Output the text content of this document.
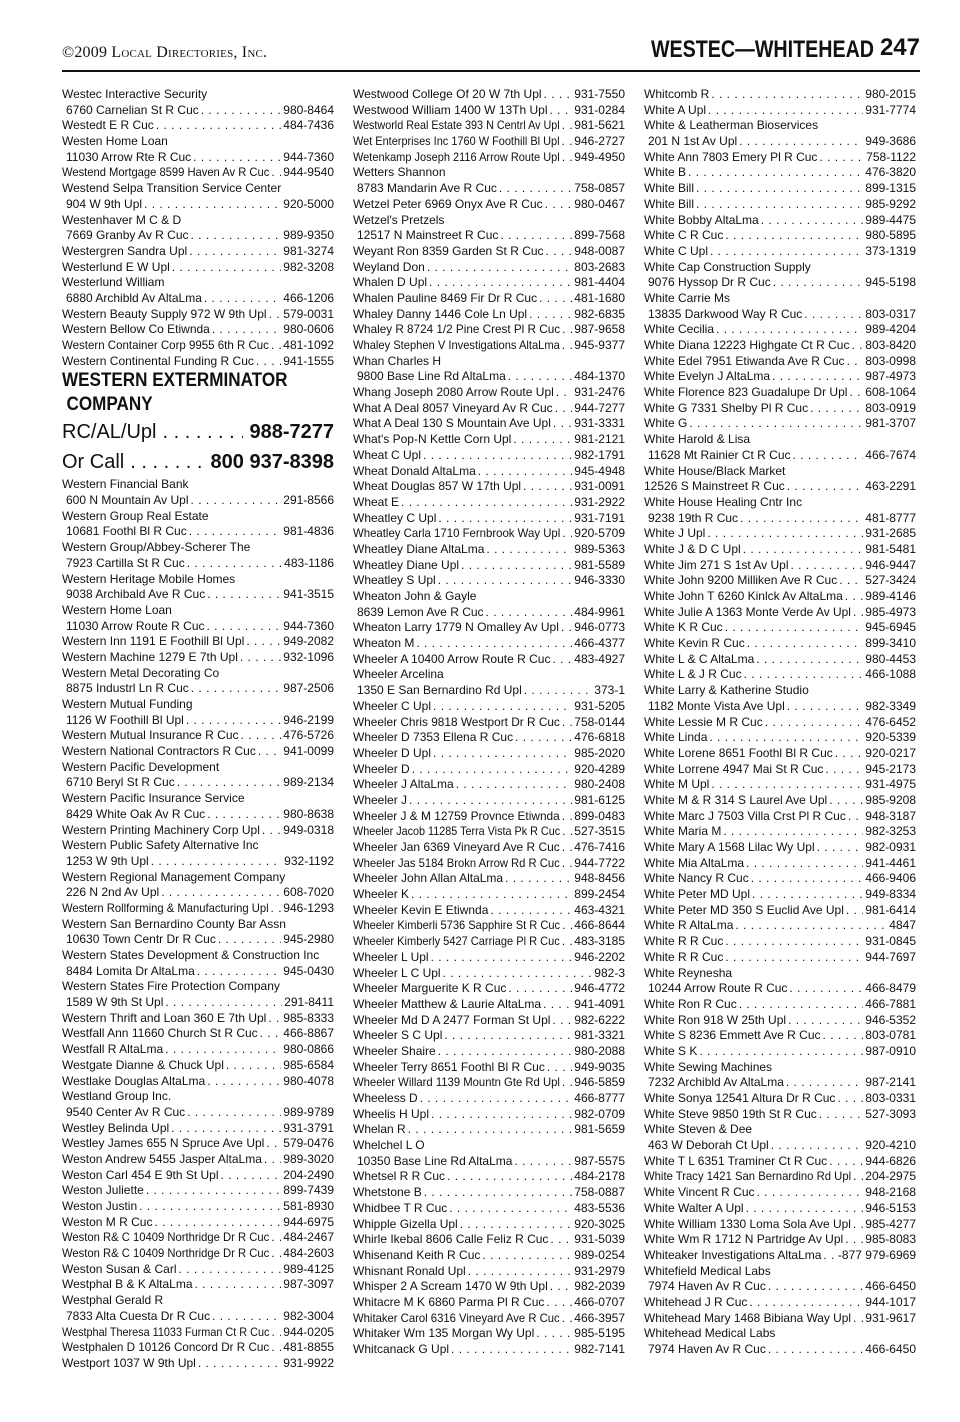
©2009 Local Directories, Inc.	WESTEC—WHITEHEAD 247
Westec Interactive Security
6760 Carnelian St R Cuc . . .	980-8464
Westedt E R Cuc . . .	484-7436
Westen Home Loan
11030 Arrow Rte R Cuc . . .	944-7360
Westend Mortgage 8599 Haven Av R Cuc . . . 944-9540
Westend Selpa Transition Service Center
904 W 9th Upl . . .	920-5000
Westenhaver M C & D
7669 Granby Av R Cuc . . .	989-9350
Westergren Sandra Upl . . .	981-3274
Westerlund E W Upl . . .	982-3208
Westerlund William
6880 Archibld Av AltaLma . . .	466-1206
Western Beauty Supply 972 W 9th Upl . . . 579-0031
Western Bellow Co Etiwnda . . .	980-0606
Western Container Corp 9955 6th R Cuc . . . 481-1092
Western Continental Funding R Cuc . . . 941-1555
WESTERN EXTERMINATOR
COMPANY
RC/AL/Upl . . .	988-7277
Or Call . . .	800 937-8398
Western Financial Bank
600 N Mountain Av Upl . . .	291-8566
Western Group Real Estate
10681 Foothl Bl R Cuc . . .	981-4836
Western Group/Abbey-Scherer The
7923 Cartilla St R Cuc . . .	483-1186
Western Heritage Mobile Homes
9038 Archibald Ave R Cuc . . .	941-3515
Western Home Loan
11030 Arrow Route R Cuc . . .	944-7360
Western Inn 1191 E Foothill Bl Upl . . .	949-2082
Western Machine 1279 E 7th Upl . . .	932-1096
Western Metal Decorating Co
8875 Industrl Ln R Cuc . . .	987-2506
Western Mutual Funding
1126 W Foothill Bl Upl . . .	946-2199
Western Mutual Insurance R Cuc . . .	476-5726
Western National Contractors R Cuc . . . 941-0099
Western Pacific Development
6710 Beryl St R Cuc . . .	989-2134
Western Pacific Insurance Service
8429 White Oak Av R Cuc . . .	980-8638
Western Printing Machinery Corp Upl . . . 949-0318
Western Public Safety Alternative Inc
1253 W 9th Upl . . .	932-1192
Western Regional Management Company
226 N 2nd Av Upl . . .	608-7020
Western Rollforming & Manufacturing Upl . . . 946-1293
Western San Bernardino County Bar Assn
10630 Town Centr Dr R Cuc . . .	945-2980
Western States Development & Construction Inc
8484 Lomita Dr AltaLma . . .	945-0430
Western States Fire Protection Company
1589 W 9th St Upl . . .	291-8411
Western Thrift and Loan 360 E 7th Upl . . . 985-8333
Westfall Ann 11660 Church St R Cuc . . . 466-8867
Westfall R AltaLma . . .	980-0866
Westgate Dianne & Chuck Upl . . .	985-6584
Westlake Douglas AltaLma . . .	980-4078
Westland Group Inc.
9540 Center Av R Cuc . . .	989-9789
Westley Belinda Upl . . .	931-3791
Westley James 655 N Spruce Ave Upl . . . 579-0476
Weston Andrew 5455 Jasper AltaLma . . . 989-3020
Weston Carl 454 E 9th St Upl . . .	204-2490
Weston Juliette . . .	899-7439
Weston Justin . . .	581-8930
Weston M R Cuc . . .	944-6975
Weston R& C 10409 Northridge Dr R Cuc . . . 484-2467
Weston R& C 10409 Northridge Dr R Cuc . . . 484-2603
Weston Susan & Carl . . .	989-4125
Westphal B & K AltaLma . . .	987-3097
Westphal Gerald R
7833 Alta Cuesta Dr R Cuc . . .	982-3004
Westphal Theresa 11033 Furman Ct R Cuc . . . 944-0205
Westphalen D 10126 Concord Dr R Cuc . . . 481-8855
Westport 1037 W 9th Upl . . .	931-9922
Westwood College Of 20 W 7th Upl . . .	931-7550
Westwood William 1400 W 13Th Upl . . . 931-0284
Westworld Real Estate 393 N Centrl Av Upl . . . 981-5621
Wet Enterprises Inc 1760 W Foothill Bl Upl . . . 946-2727
Wetenkamp Joseph 2116 Arrow Route Upl . . . 949-4950
Wetters Shannon
8783 Mandarin Ave R Cuc . . .	758-0857
Wetzel Peter 6969 Onyx Ave R Cuc . . .	980-0467
Wetzel's Pretzels
12517 N Mainstreet R Cuc . . .	899-7568
Weyant Ron 8359 Garden St R Cuc . . .	948-0087
Weyland Don . . .	803-2683
Whalen D Upl . . .	981-4404
Whalen Pauline 8469 Fir Dr R Cuc . . .	481-1680
Whaley Danny 1446 Cole Ln Upl . . .	982-6835
Whaley R 8724 1/2 Pine Crest Pl R Cuc . . . 987-9658
Whaley Stephen V Investigations AltaLma . . . 945-9377
Whan Charles H
9800 Base Line Rd AltaLma . . .	484-1370
Whang Joseph 2080 Arrow Route Upl . . . 931-2476
What A Deal 8057 Vineyard Av R Cuc . . . 944-7277
What A Deal 130 S Mountain Ave Upl . . . 931-3331
What's Pop-N Kettle Corn Upl . . .	981-2121
Wheat C Upl . . .	982-1791
Wheat Donald AltaLma . . .	945-4948
Wheat Douglas 857 W 17th Upl . . .	931-0091
Wheat E . . .	931-2922
Wheatley C Upl . . .	931-7191
Wheatley Carla 1710 Fernbrook Way Upl . . . 920-5709
Wheatley Diane AltaLma . . .	989-5363
Wheatley Diane Upl . . .	981-5589
Wheatley S Upl . . .	946-3330
Wheaton John & Gayle
8639 Lemon Ave R Cuc . . .	484-9961
Wheaton Larry 1779 N Omalley Av Upl . . . 946-0773
Wheaton M . . .	466-4377
Wheeler A 10400 Arrow Route R Cuc . . . 483-4927
Wheeler Arcelina
1350 E San Bernardino Rd Upl . . .	373-1
Wheeler C Upl . . .	931-5205
Wheeler Chris 9818 Westport Dr R Cuc . . . 758-0144
Wheeler D 7353 Ellena R Cuc . . .	476-6818
Wheeler D Upl . . .	985-2020
Wheeler D . . .	920-4289
Wheeler J AltaLma . . .	980-2408
Wheeler J . . .	981-6125
Wheeler J & M 12759 Provnce Etiwnda . . . 899-0483
Wheeler Jacob 11285 Terra Vista Pk R Cuc . . . 527-3515
Wheeler Jan 6369 Vineyard Ave R Cuc . . . 476-7416
Wheeler Jas 5184 Brokn Arrow Rd R Cuc . . . 944-7722
Wheeler John Allan AltaLma . . .	948-8456
Wheeler K . . .	899-2454
Wheeler Kevin E Etiwnda . . .	463-4321
Wheeler Kimberli 5736 Sapphire St R Cuc . . . 466-8644
Wheeler Kimberly 5427 Carriage Pl R Cuc . . . 483-3185
Wheeler L Upl . . .	946-2202
Wheeler L C Upl . . .	982-3
Wheeler Marguerite K R Cuc . . .	946-4772
Wheeler Matthew & Laurie AltaLma . . .	941-4091
Wheeler Md D A 2477 Forman St Upl . . . 982-6222
Wheeler S C Upl . . .	981-3321
Wheeler Shaire . . .	980-2088
Wheeler Terry 8651 Foothl Bl R Cuc . . . 949-9035
Wheeler Willard 1139 Mountn Gte Rd Upl . . . 946-5859
Wheeless D . . .	466-8777
Wheelis H Upl . . .	982-0709
Whelan R . . .	981-5659
Whelchel L O
10350 Base Line Rd AltaLma . . .	987-5575
Whetsel R R Cuc . . .	484-2178
Whetstone B . . .	758-0887
Whidbee T R Cuc . . .	483-5536
Whipple Gizella Upl . . .	920-3025
Whirle Ikebal 8606 Calle Feliz R Cuc . . . 931-5039
Whisenand Keith R Cuc . . .	989-0254
Whisnant Ronald Upl . . .	931-2979
Whisper 2 A Scream 1470 W 9th Upl . . . 982-2039
Whitacre M K 6860 Parma Pl R Cuc . . . 466-0707
Whitaker Carol 6316 Vineyard Ave R Cuc . . . 466-3957
Whitaker Wm 135 Morgan Wy Upl . . .	985-5195
Whitcanack G Upl . . .	982-7141
Whitcomb R . . .	980-2015
White A Upl . . .	931-7774
White & Leatherman Bioservices
201 N 1st Av Upl . . .	949-3686
White Ann 7803 Emery Pl R Cuc . . .	758-1122
White B . . .	476-3820
White Bill . . .	899-1315
White Bill . . .	985-9292
White Bobby AltaLma . . .	989-4475
White C R Cuc . . .	980-5895
White C Upl . . .	373-1319
White Cap Construction Supply
9076 Hyssop Dr R Cuc . . .	945-5198
White Carrie Ms
13835 Darkwood Way R Cuc . . .	803-0317
White Cecilia . . .	989-4204
White Diana 12223 Highgate Ct R Cuc . . . 803-8420
White Edel 7951 Etiwanda Ave R Cuc . . . 803-0998
White Evelyn J AltaLma . . .	987-4973
White Florence 823 Guadalupe Dr Upl . . . 608-1064
White G 7331 Shelby Pl R Cuc . . .	803-0919
White G . . .	981-3707
White Harold & Lisa
11628 Mt Rainier Ct R Cuc . . .	466-7674
White House/Black Market
12526 S Mainstreet R Cuc . . .	463-2291
White House Healing Cntr Inc
9238 19th R Cuc . . .	481-8777
White J Upl . . .	931-2685
White J & D C Upl . . .	981-5481
White Jim 271 S 1st Av Upl . . .	946-9447
White John 9200 Milliken Ave R Cuc . . . 527-3424
White John T 6260 Kinlck Av AltaLma . . . 989-4146
White Julie A 1363 Monte Verde Av Upl . . . 985-4973
White K R Cuc . . .	945-6945
White Kevin R Cuc . . .	899-3410
White L & C AltaLma . . .	980-4453
White L & J R Cuc . . .	466-1088
White Larry & Katherine Studio
1182 Monte Vista Ave Upl . . .	982-3349
White Lessie M R Cuc . . .	476-6452
White Linda . . .	920-5339
White Lorene 8651 Foothl Bl R Cuc . . .	920-0217
White Lorrene 4947 Mai St R Cuc . . .	945-2173
White M Upl . . .	931-4975
White M & R 314 S Laurel Ave Upl . . .	985-9208
White Marc J 7503 Villa Crst Pl R Cuc . . . 948-3187
White Maria M . . .	982-3253
White Mary A 1568 Lilac Wy Upl . . .	982-0931
White Mia AltaLma . . .	941-4461
White Nancy R Cuc . . .	466-9406
White Peter MD Upl . . .	949-8334
White Peter MD 350 S Euclid Ave Upl . . . 981-6414
White R AltaLma . . .	4847
White R R Cuc . . .	931-0845
White R R Cuc . . .	944-7697
White Reynesha
10244 Arrow Route R Cuc . . .	466-8479
White Ron R Cuc . . .	466-7881
White Ron 918 W 25th Upl . . .	946-5352
White S 8236 Emmett Ave R Cuc . . .	803-0781
White S K . . .	987-0910
White Sewing Machines
7232 Archibld Av AltaLma . . .	987-2141
White Sonya 12541 Altura Dr R Cuc . . . 803-0331
White Steve 9850 19th St R Cuc . . .	527-3093
White Steven & Dee
463 W Deborah Ct Upl . . .	920-4210
White T L 6351 Traminer Ct R Cuc . . .	944-6826
White Tracy 1421 San Bernardino Rd Upl . . . 204-2975
White Vincent R Cuc . . .	948-2168
White Walter A Upl . . .	946-5153
White William 1330 Loma Sola Ave Upl . . . 985-4277
White Wm R 1712 N Partridge Av Upl . . . 985-8083
Whiteaker Investigations AltaLma . . . -877 979-6969
Whitefield Medical Labs
7974 Haven Av R Cuc . . .	466-6450
Whitehead J R Cuc . . .	944-1017
Whitehead Mary 1468 Bibiana Way Upl . . . 931-9617
Whitehead Medical Labs
7974 Haven Av R Cuc . . .	466-6450
